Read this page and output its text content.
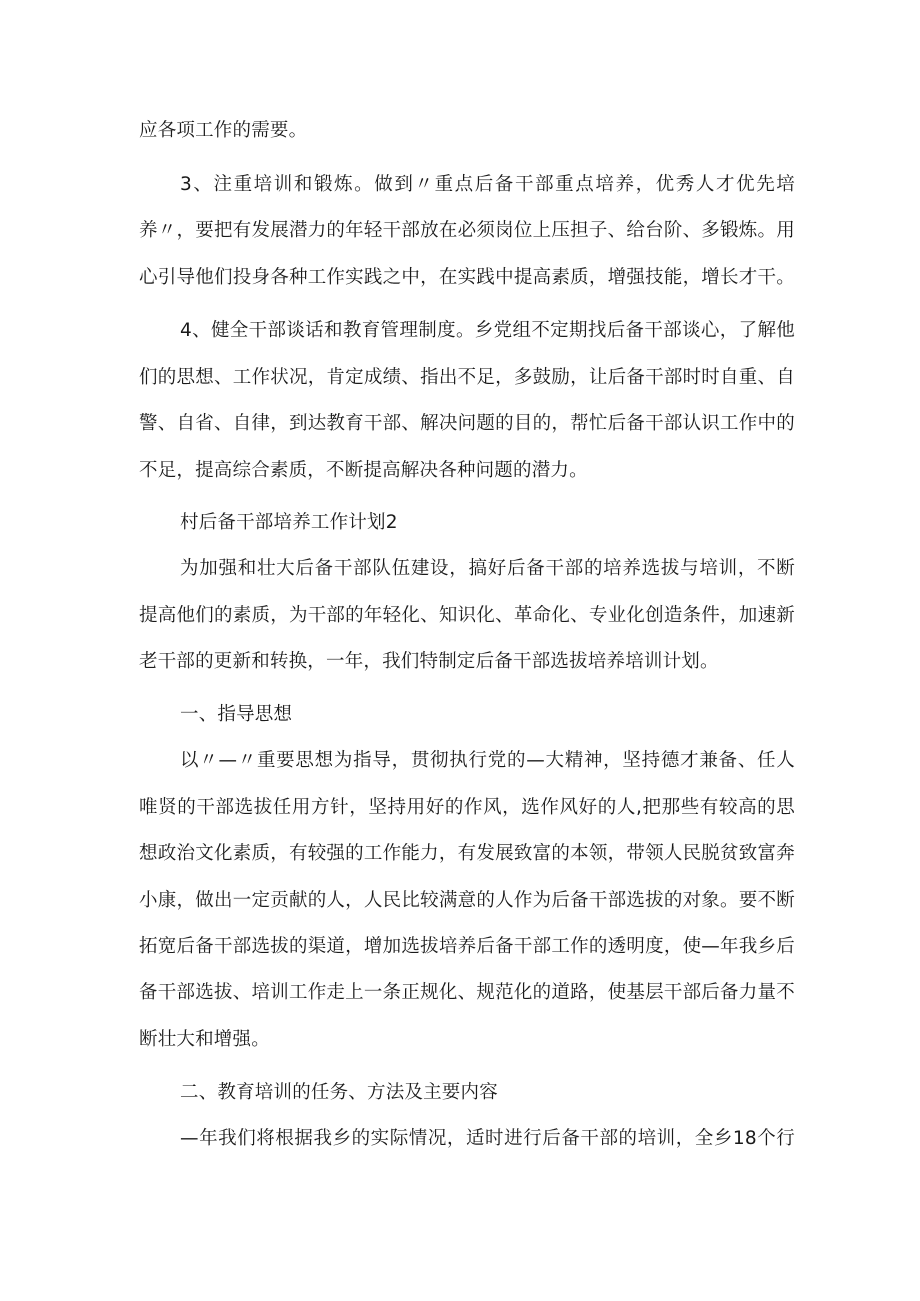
应各项工作的需要。
3、注重培训和锻炼。做到〃重点后备干部重点培养，优秀人才优先培
养〃，要把有发展潜力的年轻干部放在必须岗位上压担子、给台阶、多锻炼。用
心引导他们投身各种工作实践之中，在实践中提高素质，增强技能，增长才干。
4、健全干部谈话和教育管理制度。乡党组不定期找后备干部谈心，了解他
们的思想、工作状况，肯定成绩、指出不足，多鼓励，让后备干部时时自重、自
警、自省、自律，到达教育干部、解决问题的目的，帮忙后备干部认识工作中的
不足，提高综合素质，不断提高解决各种问题的潜力。
村后备干部培养工作计划2
为加强和壮大后备干部队伍建设，搞好后备干部的培养选拔与培训，不断
提高他们的素质，为干部的年轻化、知识化、革命化、专业化创造条件，加速新
老干部的更新和转换，一年，我们特制定后备干部选拔培养培训计划。
一、指导思想
以〃—〃重要思想为指导，贯彻执行党的—大精神，坚持德才兼备、任人
唯贤的干部选拔任用方针，坚持用好的作风，选作风好的人,把那些有较高的思
想政治文化素质，有较强的工作能力，有发展致富的本领，带领人民脱贫致富奔
小康，做出一定贡献的人，人民比较满意的人作为后备干部选拔的对象。要不断
拓宽后备干部选拔的渠道，增加选拔培养后备干部工作的透明度，使—年我乡后
备干部选拔、培训工作走上一条正规化、规范化的道路，使基层干部后备力量不
断壮大和增强。
二、教育培训的任务、方法及主要内容
—年我们将根据我乡的实际情况，适时进行后备干部的培训，全乡18个行
